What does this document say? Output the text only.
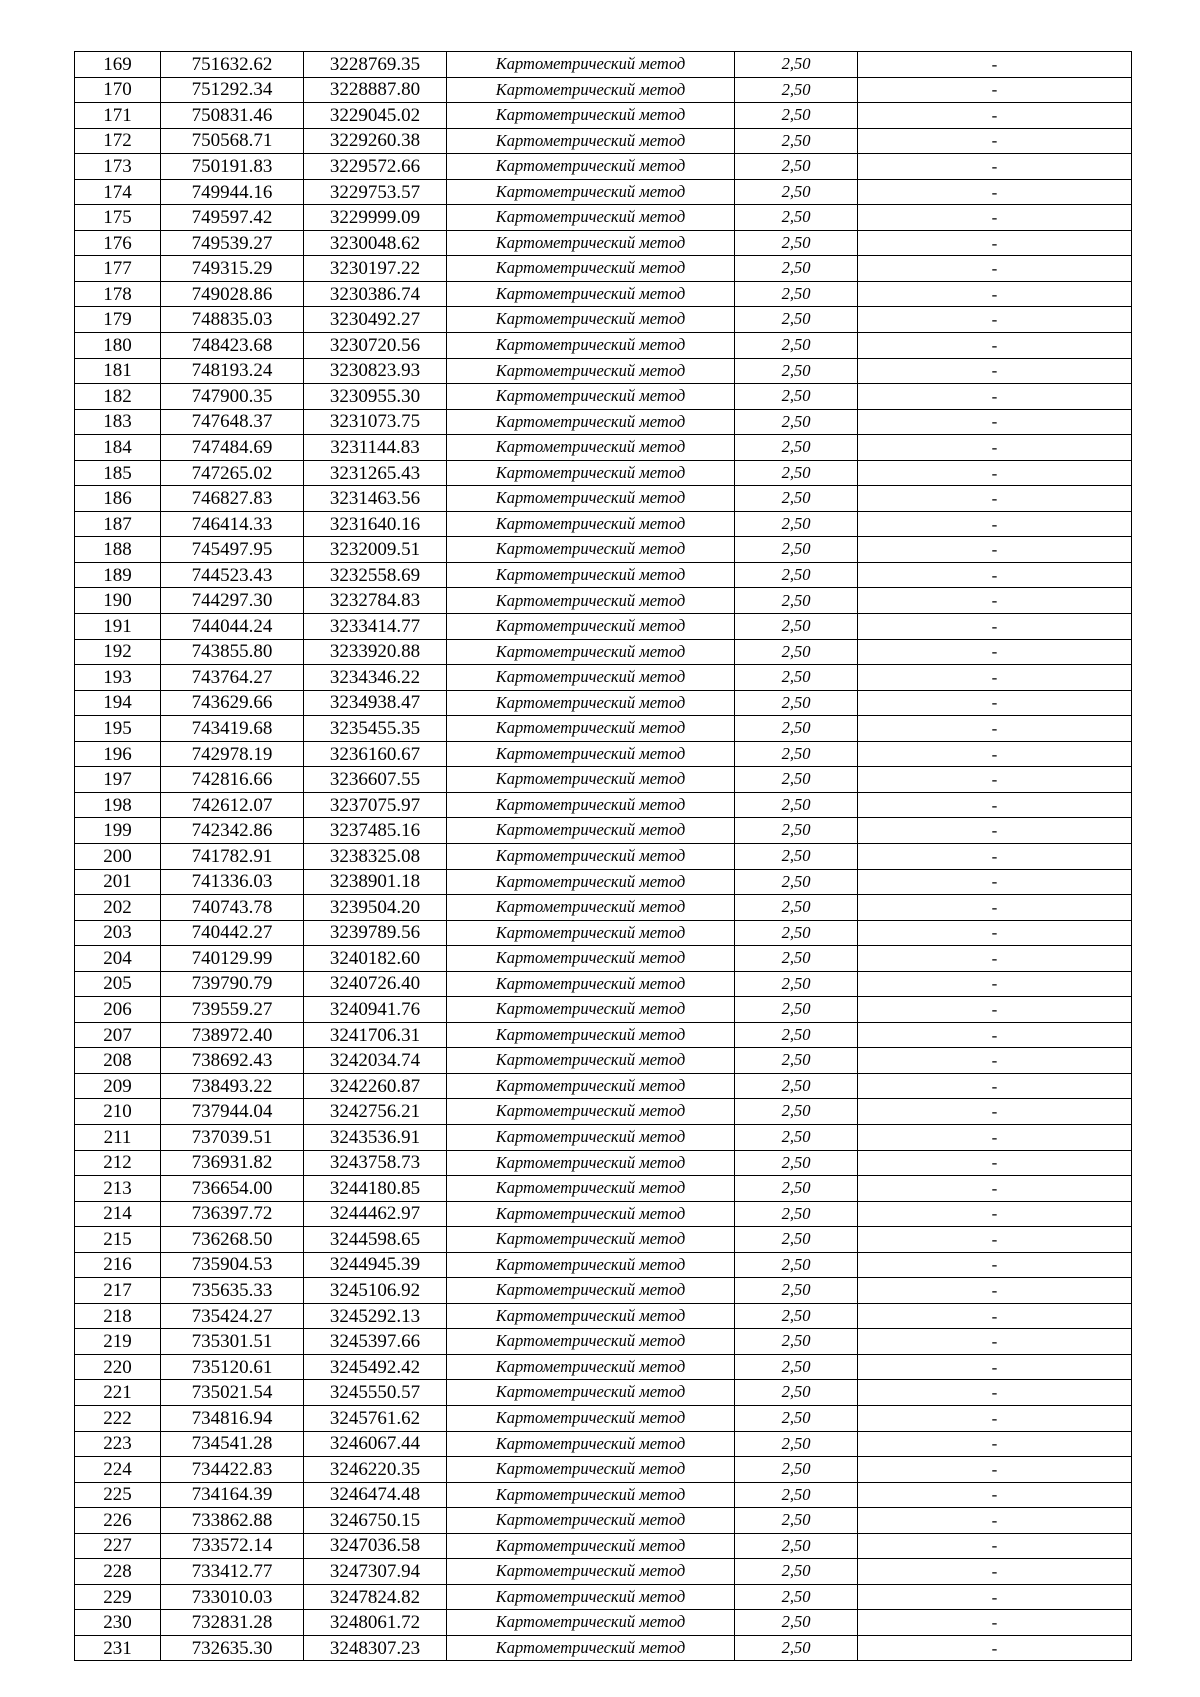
169	751632.62	3228769.35	Картометрический метод	2,50	-
170	751292.34	3228887.80	Картометрический метод	2,50	-
171	750831.46	3229045.02	Картометрический метод	2,50	-
172	750568.71	3229260.38	Картометрический метод	2,50	-
173	750191.83	3229572.66	Картометрический метод	2,50	-
174	749944.16	3229753.57	Картометрический метод	2,50	-
175	749597.42	3229999.09	Картометрический метод	2,50	-
176	749539.27	3230048.62	Картометрический метод	2,50	-
177	749315.29	3230197.22	Картометрический метод	2,50	-
178	749028.86	3230386.74	Картометрический метод	2,50	-
179	748835.03	3230492.27	Картометрический метод	2,50	-
180	748423.68	3230720.56	Картометрический метод	2,50	-
181	748193.24	3230823.93	Картометрический метод	2,50	-
182	747900.35	3230955.30	Картометрический метод	2,50	-
183	747648.37	3231073.75	Картометрический метод	2,50	-
184	747484.69	3231144.83	Картометрический метод	2,50	-
185	747265.02	3231265.43	Картометрический метод	2,50	-
186	746827.83	3231463.56	Картометрический метод	2,50	-
187	746414.33	3231640.16	Картометрический метод	2,50	-
188	745497.95	3232009.51	Картометрический метод	2,50	-
189	744523.43	3232558.69	Картометрический метод	2,50	-
190	744297.30	3232784.83	Картометрический метод	2,50	-
191	744044.24	3233414.77	Картометрический метод	2,50	-
192	743855.80	3233920.88	Картометрический метод	2,50	-
193	743764.27	3234346.22	Картометрический метод	2,50	-
194	743629.66	3234938.47	Картометрический метод	2,50	-
195	743419.68	3235455.35	Картометрический метод	2,50	-
196	742978.19	3236160.67	Картометрический метод	2,50	-
197	742816.66	3236607.55	Картометрический метод	2,50	-
198	742612.07	3237075.97	Картометрический метод	2,50	-
199	742342.86	3237485.16	Картометрический метод	2,50	-
200	741782.91	3238325.08	Картометрический метод	2,50	-
201	741336.03	3238901.18	Картометрический метод	2,50	-
202	740743.78	3239504.20	Картометрический метод	2,50	-
203	740442.27	3239789.56	Картометрический метод	2,50	-
204	740129.99	3240182.60	Картометрический метод	2,50	-
205	739790.79	3240726.40	Картометрический метод	2,50	-
206	739559.27	3240941.76	Картометрический метод	2,50	-
207	738972.40	3241706.31	Картометрический метод	2,50	-
208	738692.43	3242034.74	Картометрический метод	2,50	-
209	738493.22	3242260.87	Картометрический метод	2,50	-
210	737944.04	3242756.21	Картометрический метод	2,50	-
211	737039.51	3243536.91	Картометрический метод	2,50	-
212	736931.82	3243758.73	Картометрический метод	2,50	-
213	736654.00	3244180.85	Картометрический метод	2,50	-
214	736397.72	3244462.97	Картометрический метод	2,50	-
215	736268.50	3244598.65	Картометрический метод	2,50	-
216	735904.53	3244945.39	Картометрический метод	2,50	-
217	735635.33	3245106.92	Картометрический метод	2,50	-
218	735424.27	3245292.13	Картометрический метод	2,50	-
219	735301.51	3245397.66	Картометрический метод	2,50	-
220	735120.61	3245492.42	Картометрический метод	2,50	-
221	735021.54	3245550.57	Картометрический метод	2,50	-
222	734816.94	3245761.62	Картометрический метод	2,50	-
223	734541.28	3246067.44	Картометрический метод	2,50	-
224	734422.83	3246220.35	Картометрический метод	2,50	-
225	734164.39	3246474.48	Картометрический метод	2,50	-
226	733862.88	3246750.15	Картометрический метод	2,50	-
227	733572.14	3247036.58	Картометрический метод	2,50	-
228	733412.77	3247307.94	Картометрический метод	2,50	-
229	733010.03	3247824.82	Картометрический метод	2,50	-
230	732831.28	3248061.72	Картометрический метод	2,50	-
231	732635.30	3248307.23	Картометрический метод	2,50	-
